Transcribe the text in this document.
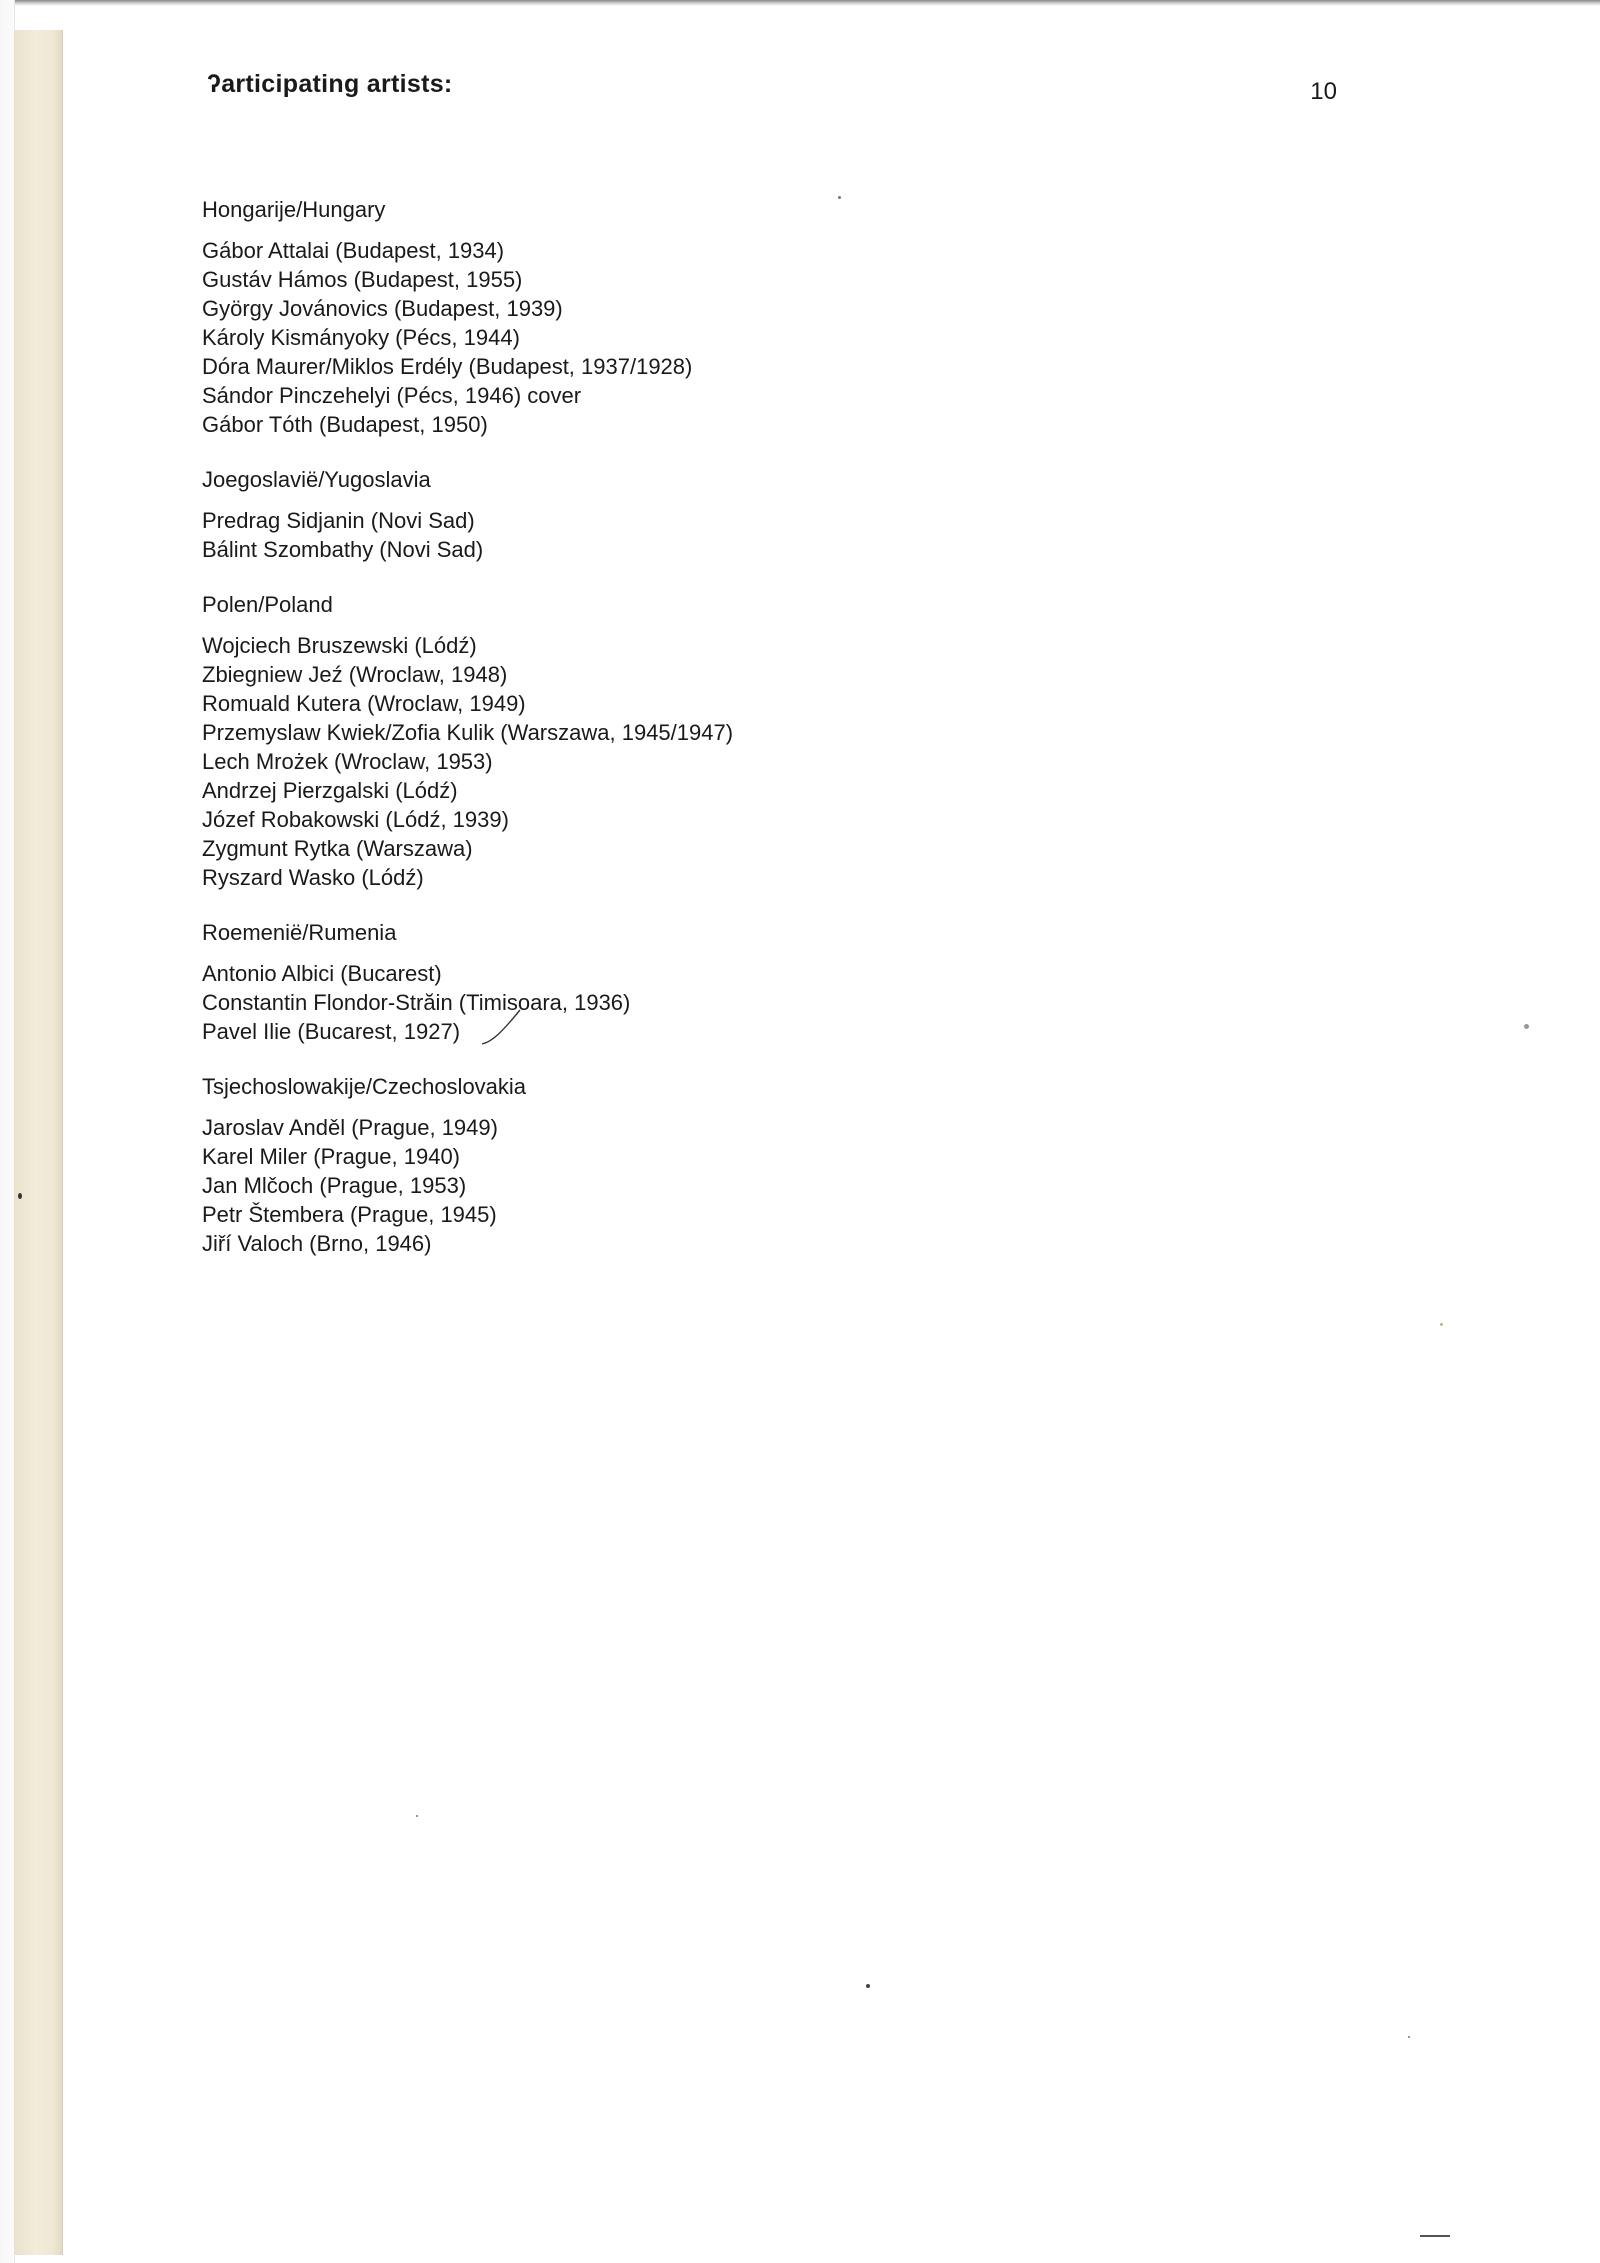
ʔarticipating artists:	10
Hongarije/Hungary
Gábor Attalai (Budapest, 1934)
Gustáv Hámos (Budapest, 1955)
György Jovánovics (Budapest, 1939)
Károly Kismányoky (Pécs, 1944)
Dóra Maurer/Miklos Erdély (Budapest, 1937/1928)
Sándor Pinczehelyi (Pécs, 1946) cover
Gábor Tóth (Budapest, 1950)
Joegoslavië/Yugoslavia
Predrag Sidjanin (Novi Sad)
Bálint Szombathy (Novi Sad)
Polen/Poland
Wojciech Bruszewski (Lódź)
Zbiegniew Jeź (Wroclaw, 1948)
Romuald Kutera (Wroclaw, 1949)
Przemyslaw Kwiek/Zofia Kulik (Warszawa, 1945/1947)
Lech Mrożek (Wroclaw, 1953)
Andrzej Pierzgalski (Lódź)
Józef Robakowski (Lódź, 1939)
Zygmunt Rytka (Warszawa)
Ryszard Wasko (Lódź)
Roemenië/Rumenia
Antonio Albici (Bucarest)
Constantin Flondor-Străin (Timisoara, 1936)
Pavel Ilie (Bucarest, 1927)
Tsjechoslowakije/Czechoslovakia
Jaroslav Anděl (Prague, 1949)
Karel Miler (Prague, 1940)
Jan Mlčoch (Prague, 1953)
Petr Štembera (Prague, 1945)
Jiří Valoch (Brno, 1946)
